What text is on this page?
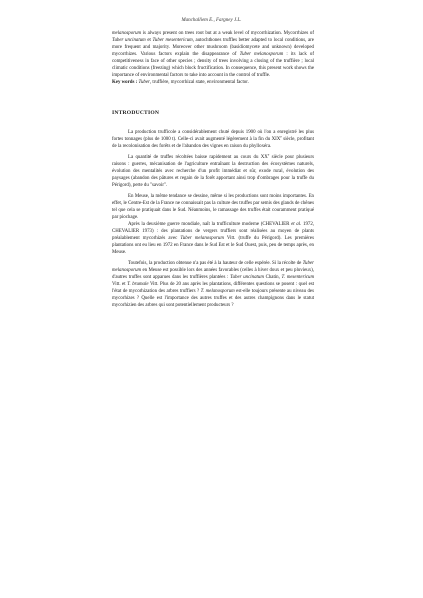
Manchalliem E., Fargney J.L.

melanosporum is always present on trees root but at a weak level of mycorrhization. Mycorrhizes of Tuber uncinatum et Tuber mesentericum, autochthones truffles better adapted to local conditions, are more frequent and majority. Moreover other mushroom (basidiomycete and unknown) developed mycorrhizes. Various factors explain the disappearance of Tuber melanosporum : its lack of competitiveness in face of other species ; density of trees involving a closing of the truffière ; local climatic conditions (freezing) which block fructification. In consequence, this present work shows the importance of environmental factors to take into account in the control of truffle.

Key words : Tuber, truffière, mycorrhizal state, environmental factor.

INTRODUCTION

La production trufficole a considérablement chuté depuis 1900 où l'on a enregistré les plus fortes tonnages (plus de 1000 t). Celle-ci avait augmenté légèrement à la fin du XIXe siècle, profitant de la recolonisation des forêts et de l'abandon des vignes en raison du phylloxéra.

La quantité de truffes récoltées baisse rapidement au cours du XXe siècle pour plusieurs raisons : guerres, mécanisation de l'agriculture entraînant la destruction des écosystèmes naturels, évolution des mentalités avec recherche d'un profit immédiat et sûr, exode rural, évolution des paysages (abandon des pâtures et regain de la forêt apportant ainsi trop d'ombrages pour la truffe du Périgord), perte du "savoir".

En Meuse, la même tendance se dessine, même si les productions sont moins importantes. En effet, le Centre-Est de la France ne connaissait pas la culture des truffes par semis des glands de chênes tel que cela se pratiquait dans le Sud. Néanmoins, le ramassage des truffes était couramment pratiqué par piochage.

Après la deuxième guerre mondiale, naît la trufficulture moderne (CHEVALIER et al. 1972, CHEVALIER 1973) : des plantations de vergers truffiers sont réalisées au moyen de plants préalablement mycorhizés avec Tuber melanosporum Vitt. (truffe du Périgord). Les premières plantations ont eu lieu en 1972 en France dans le Sud Est et le Sud Ouest, puis, peu de temps après, en Meuse.

Toutefois, la production obtenue n'a pas été à la hauteur de celle espérée. Si la récolte de Tuber melanosporum en Meuse est possible lors des années favorables (celles à hiver doux et peu pluvieux), d'autres truffes sont apparues dans les truffières plantées : Tuber uncinatum Chatin, T. mesentericum Vitt. et T. brumale Vitt. Plus de 20 ans après les plantations, différentes questions se posent : quel est l'état de mycorhization des arbres truffiers ? T. melanosporum est-elle toujours présente au niveau des mycorhizes ? Quelle est l'importance des autres truffes et des autres champignons dans le statut mycorhizien des arbres qui sont potentiellement producteurs ?
